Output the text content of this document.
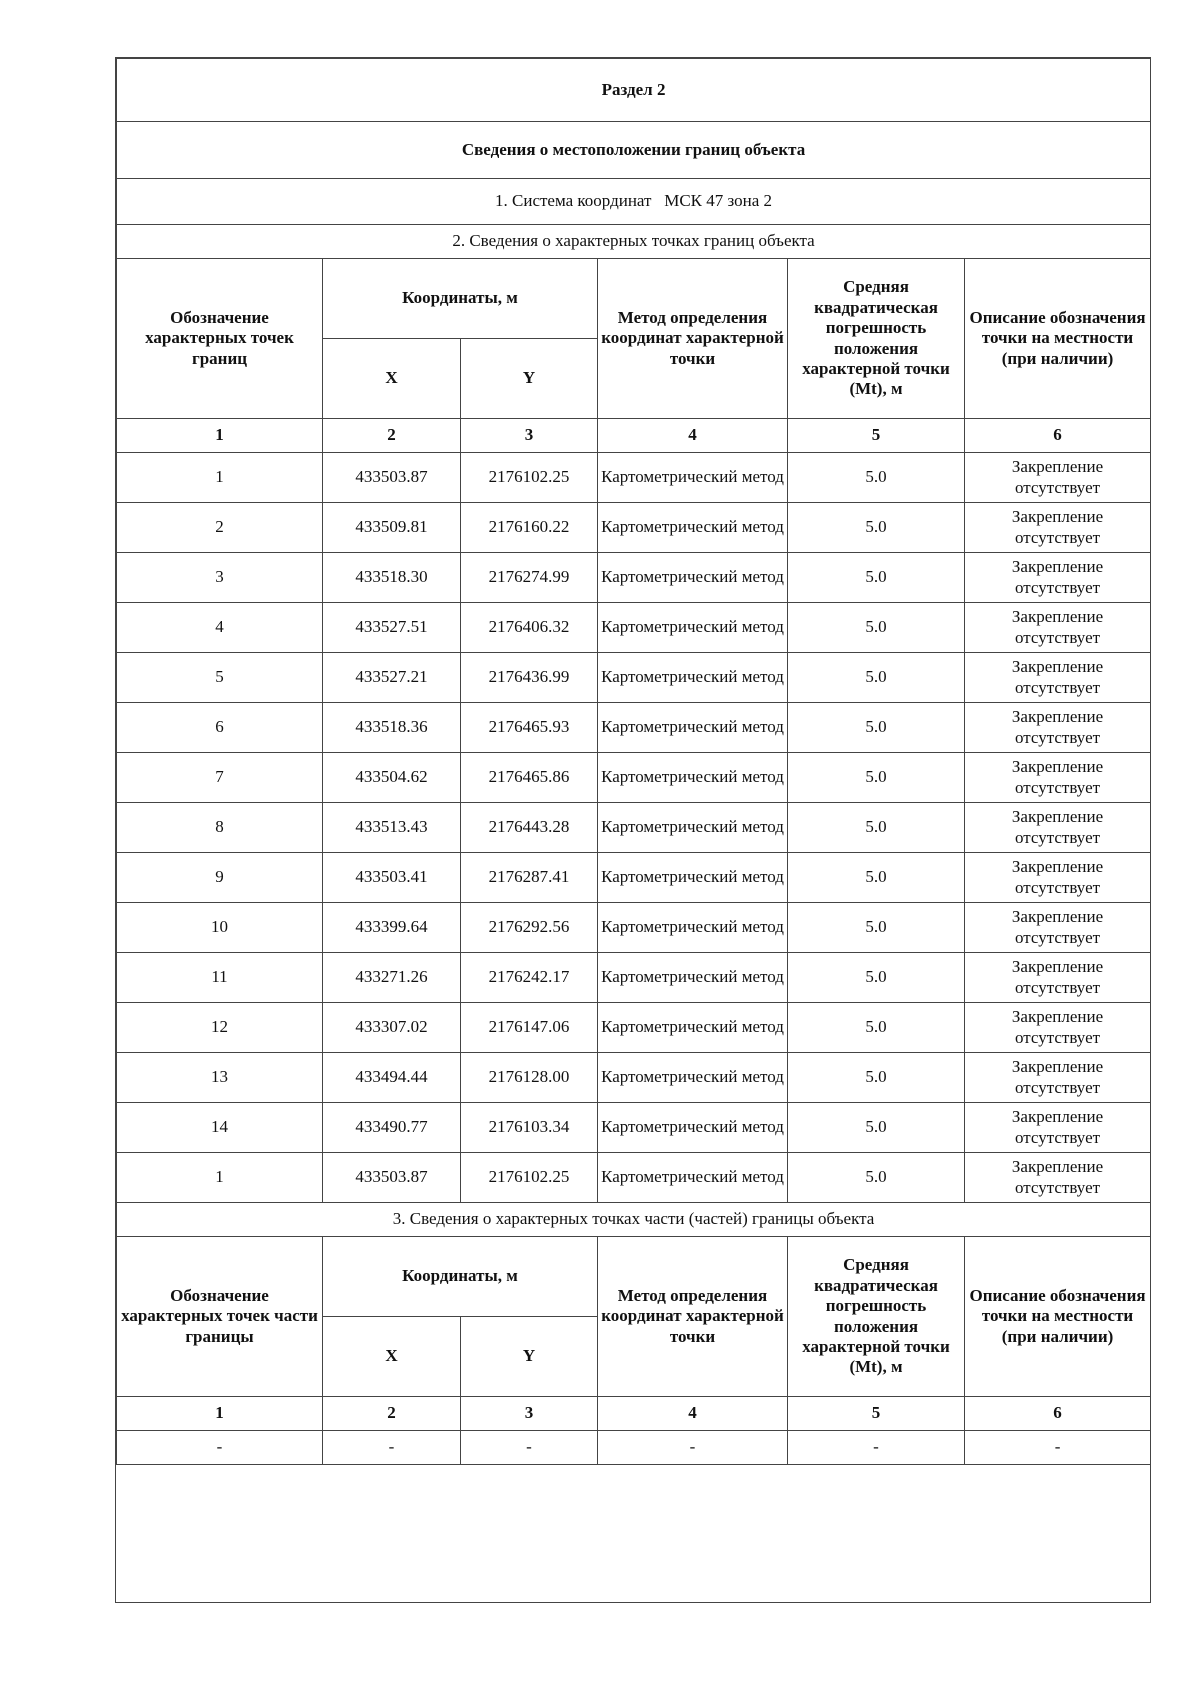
Раздел 2					
Сведения о местоположении границ объекта					
1. Система координат МСК 47 зона 2					
2. Сведения о характерных точках границ объекта					
Обозначение характерных точек границ	Координаты, м		Метод определения координат характерной точки	Средняя квадратическая погрешность положения характерной точки (Mt), м	Описание обозначения точки на местности (при наличии)
	X	Y			
1	2	3	4	5	6
1	433503.87	2176102.25	Картометрический метод	5.0	Закрепление отсутствует
2	433509.81	2176160.22	Картометрический метод	5.0	Закрепление отсутствует
3	433518.30	2176274.99	Картометрический метод	5.0	Закрепление отсутствует
4	433527.51	2176406.32	Картометрический метод	5.0	Закрепление отсутствует
5	433527.21	2176436.99	Картометрический метод	5.0	Закрепление отсутствует
6	433518.36	2176465.93	Картометрический метод	5.0	Закрепление отсутствует
7	433504.62	2176465.86	Картометрический метод	5.0	Закрепление отсутствует
8	433513.43	2176443.28	Картометрический метод	5.0	Закрепление отсутствует
9	433503.41	2176287.41	Картометрический метод	5.0	Закрепление отсутствует
10	433399.64	2176292.56	Картометрический метод	5.0	Закрепление отсутствует
11	433271.26	2176242.17	Картометрический метод	5.0	Закрепление отсутствует
12	433307.02	2176147.06	Картометрический метод	5.0	Закрепление отсутствует
13	433494.44	2176128.00	Картометрический метод	5.0	Закрепление отсутствует
14	433490.77	2176103.34	Картометрический метод	5.0	Закрепление отсутствует
1	433503.87	2176102.25	Картометрический метод	5.0	Закрепление отсутствует
3. Сведения о характерных точках части (частей) границы объекта					
Обозначение характерных точек части границы	Координаты, м		Метод определения координат характерной точки	Средняя квадратическая погрешность положения характерной точки (Mt), м	Описание обозначения точки на местности (при наличии)
	X	Y			
1	2	3	4	5	6
-	-	-	-	-	-
